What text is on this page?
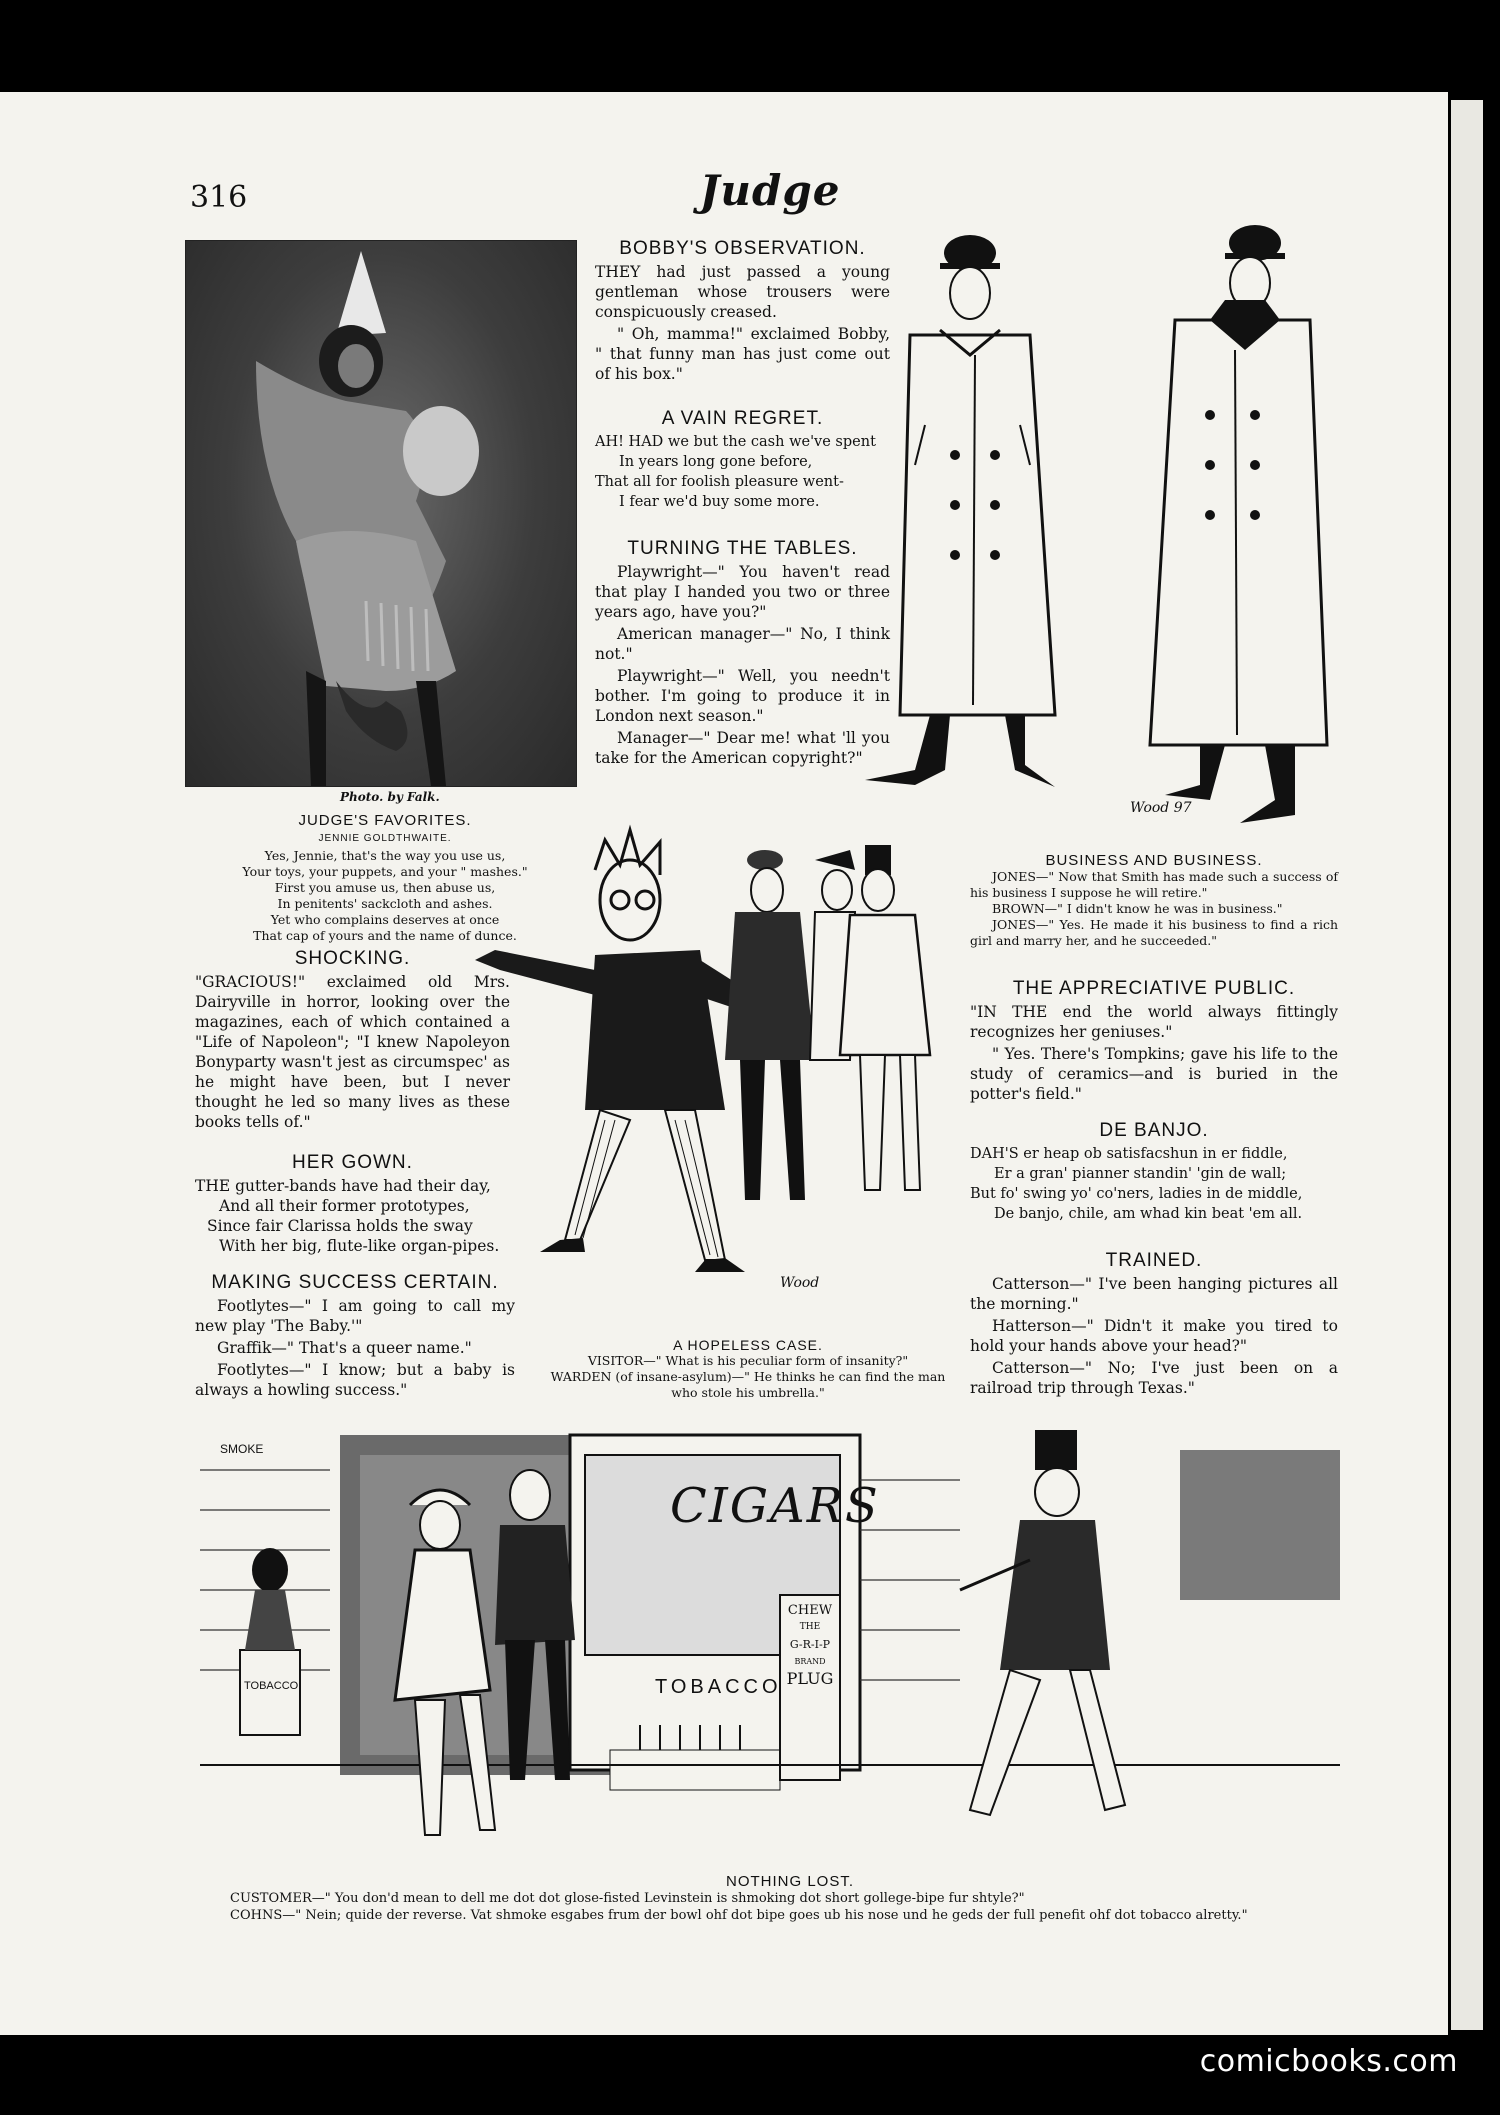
316	Judge
Photo. by Falk.

JUDGE'S FAVORITES.

JENNIE GOLDTHWAITE.

Yes, Jennie, that's the way you use us,

Your toys, your puppets, and your " mashes."

First you amuse us, then abuse us,

In penitents' sackcloth and ashes.

Yet who complains deserves at once

That cap of yours and the name of dunce.

SHOCKING.

"GRACIOUS!" exclaimed old Mrs. Dairyville in horror, looking over the magazines, each of which contained a "Life of Napoleon"; "I knew Napoleyon Bonyparty wasn't jest as circumspec' as he might have been, but I never thought he led so many lives as these books tells of."

HER GOWN.

THE gutter-bands have had their day,

And all their former prototypes,

Since fair Clarissa holds the sway

With her big, flute-like organ-pipes.

MAKING SUCCESS CERTAIN.

Footlytes—" I am going to call my new play 'The Baby.'"

Graffik—" That's a queer name."

Footlytes—" I know; but a baby is always a howling success."

BOBBY'S OBSERVATION.

THEY had just passed a young gentleman whose trousers were conspicuously creased.

" Oh, mamma!" exclaimed Bobby, " that funny man has just come out of his box."

A VAIN REGRET.

AH! HAD we but the cash we've spent

In years long gone before,

That all for foolish pleasure went-

I fear we'd buy some more.

TURNING THE TABLES.

Playwright—" You haven't read that play I handed you two or three years ago, have you?"

American manager—" No, I think not."

Playwright—" Well, you needn't bother. I'm going to produce it in London next season."

Manager—" Dear me! what 'll you take for the American copyright?"

Wood 97

BUSINESS AND BUSINESS.

JONES—" Now that Smith has made such a success of his business I suppose he will retire."

BROWN—" I didn't know he was in business."

JONES—" Yes. He made it his business to find a rich girl and marry her, and he succeeded."

THE APPRECIATIVE PUBLIC.

"IN THE end the world always fittingly recognizes her geniuses."

" Yes. There's Tompkins; gave his life to the study of ceramics—and is buried in the potter's field."

DE BANJO.

DAH'S er heap ob satisfacshun in er fiddle,

Er a gran' pianner standin' 'gin de wall;

But fo' swing yo' co'ners, ladies in de middle,

De banjo, chile, am whad kin beat 'em all.

TRAINED.

Catterson—" I've been hanging pictures all the morning."

Hatterson—" Didn't it make you tired to hold your hands above your head?"

Catterson—" No; I've just been on a railroad trip through Texas."

Wood

A HOPELESS CASE.

VISITOR—" What is his peculiar form of insanity?"

WARDEN (of insane-asylum)—" He thinks he can find the man who stole his umbrella."

CIGARS
TOBACCO
TOBACCO
SMOKE
CHEW
THE
G-R-I-P
BRAND
PLUG

NOTHING LOST.

CUSTOMER—" You don'd mean to dell me dot dot glose-fisted Levinstein is shmoking dot short gollege-bipe fur shtyle?"

COHNS—" Nein; quide der reverse. Vat shmoke esgabes frum der bowl ohf dot bipe goes ub his nose und he geds der full penefit ohf dot tobacco alretty."

comicbooks.com
